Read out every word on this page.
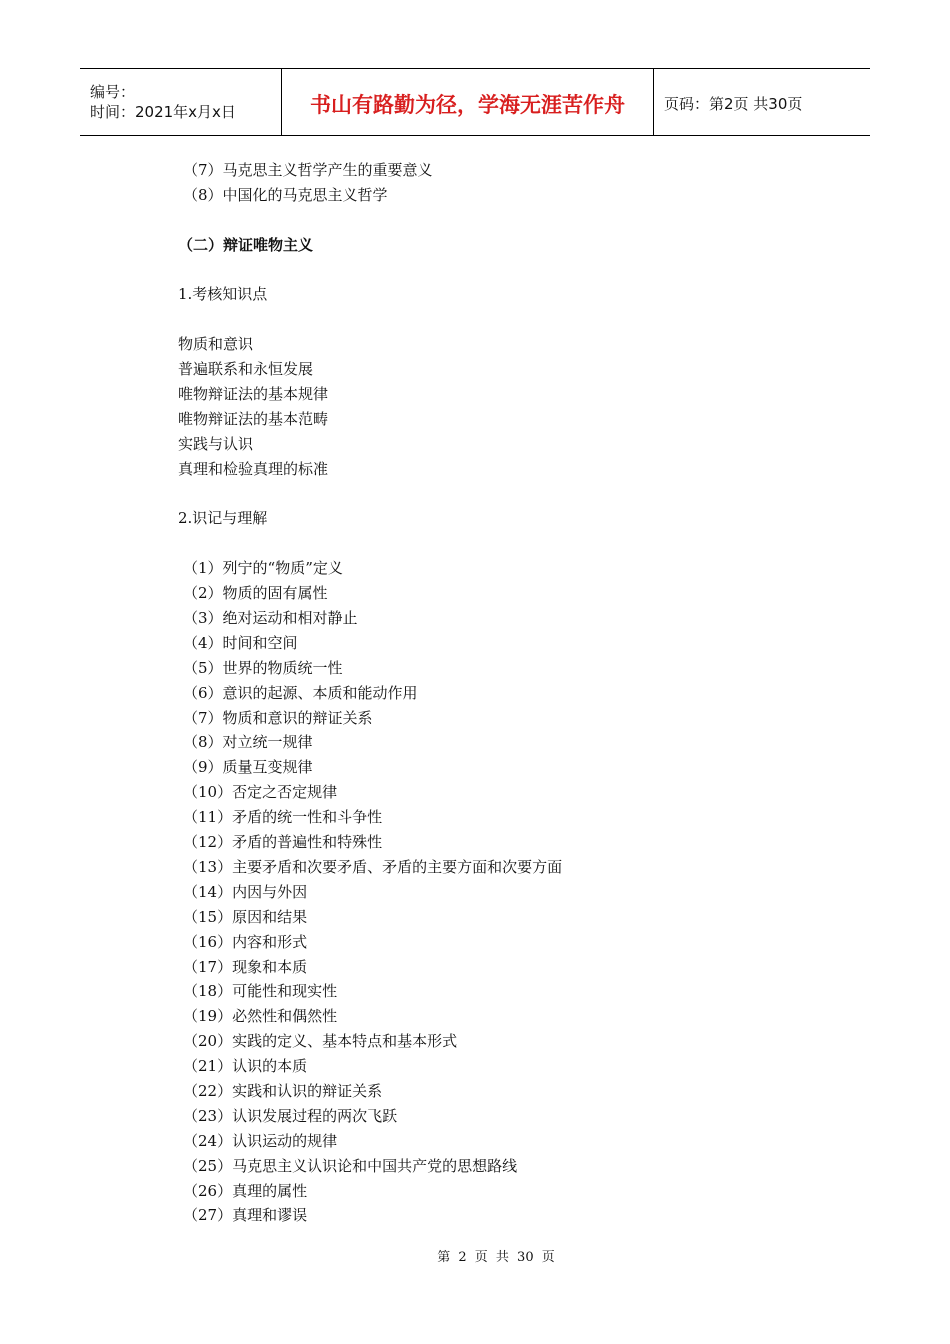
编号：
时间：2021年x月x日	书山有路勤为径，学海无涯苦作舟	页码：第2页 共30页
（7）马克思主义哲学产生的重要意义
（8）中国化的马克思主义哲学
（二）辩证唯物主义
1.考核知识点
物质和意识
普遍联系和永恒发展
唯物辩证法的基本规律
唯物辩证法的基本范畴
实践与认识
真理和检验真理的标准
2.识记与理解
（1）列宁的“物质”定义
（2）物质的固有属性
（3）绝对运动和相对静止
（4）时间和空间
（5）世界的物质统一性
（6）意识的起源、本质和能动作用
（7）物质和意识的辩证关系
（8）对立统一规律
（9）质量互变规律
（10）否定之否定规律
（11）矛盾的统一性和斗争性
（12）矛盾的普遍性和特殊性
（13）主要矛盾和次要矛盾、矛盾的主要方面和次要方面
（14）内因与外因
（15）原因和结果
（16）内容和形式
（17）现象和本质
（18）可能性和现实性
（19）必然性和偶然性
（20）实践的定义、基本特点和基本形式
（21）认识的本质
（22）实践和认识的辩证关系
（23）认识发展过程的两次飞跃
（24）认识运动的规律
（25）马克思主义认识论和中国共产党的思想路线
（26）真理的属性
（27）真理和谬误
第 2 页 共 30 页
